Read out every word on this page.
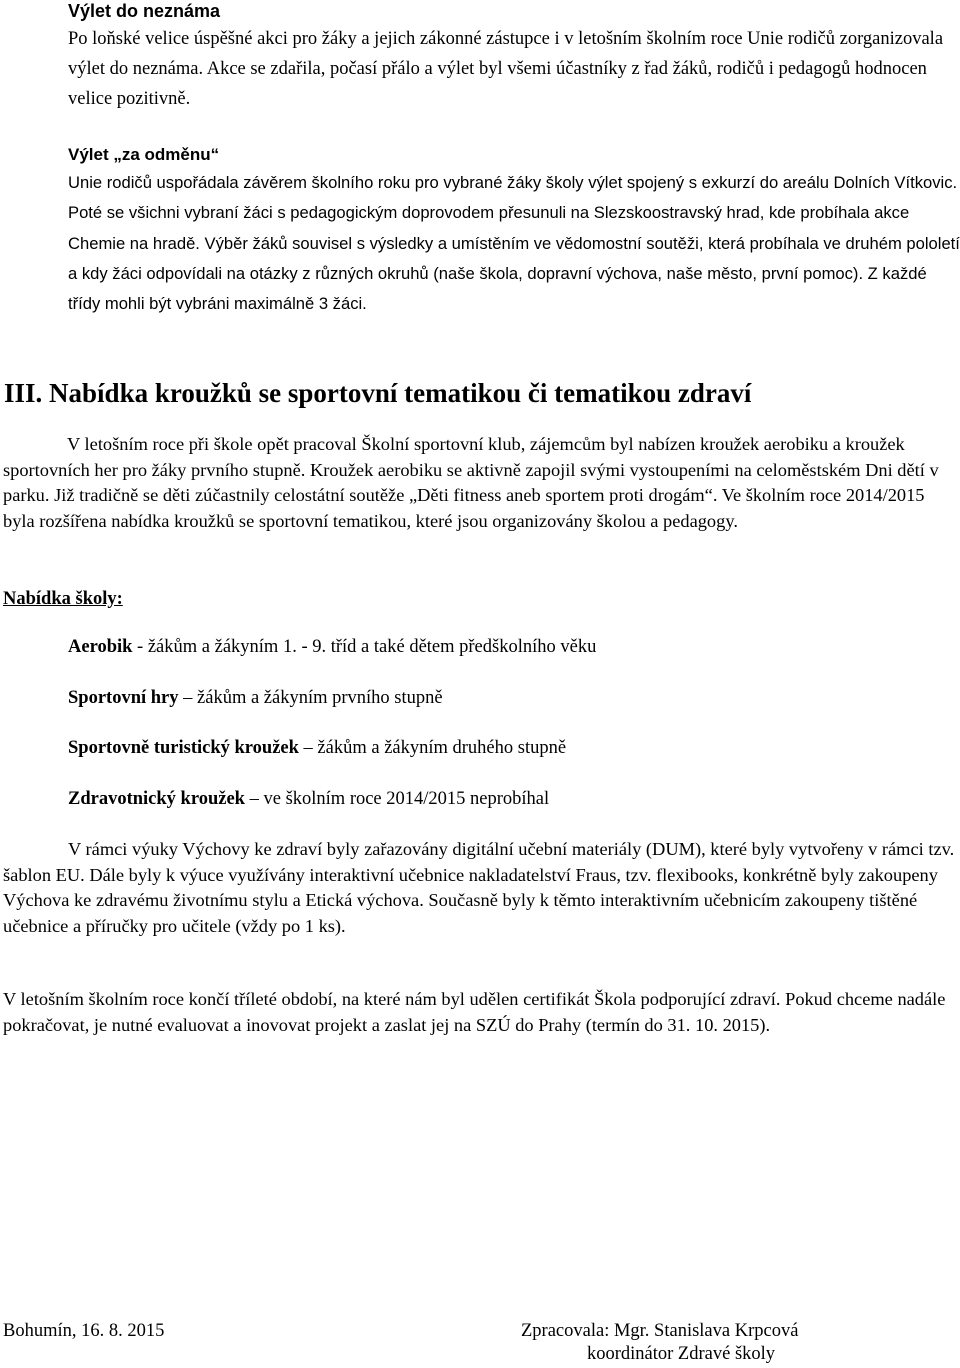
Výlet do neznáma

Po loňské velice úspěšné akci pro žáky a jejich zákonné zástupce i v letošním školním roce Unie rodičů zorganizovala výlet do neznáma. Akce se zdařila, počasí přálo a výlet byl všemi účastníky z řad žáků, rodičů i pedagogů hodnocen velice pozitivně.

Výlet „za odměnu“

Unie rodičů uspořádala závěrem školního roku pro vybrané žáky školy výlet spojený s exkurzí do areálu Dolních Vítkovic. Poté se všichni vybraní žáci s pedagogickým doprovodem přesunuli na Slezskoostravský hrad, kde probíhala akce Chemie na hradě. Výběr žáků souvisel s výsledky a umístěním ve vědomostní soutěži, která probíhala ve druhém pololetí a kdy žáci odpovídali na otázky z různých okruhů (naše škola, dopravní výchova, naše město, první pomoc). Z každé třídy mohli být vybráni maximálně 3 žáci.

III. Nabídka kroužků se sportovní tematikou či tematikou zdraví

V letošním roce při škole opět pracoval Školní sportovní klub, zájemcům byl nabízen kroužek aerobiku a kroužek sportovních her pro žáky prvního stupně. Kroužek aerobiku se aktivně zapojil svými vystoupeními na celoměstském Dni dětí v parku. Již tradičně se děti zúčastnily celostátní soutěže „Děti fitness aneb sportem proti drogám“. Ve školním roce 2014/2015 byla rozšířena nabídka kroužků se sportovní tematikou, které jsou organizovány školou a pedagogy.

Nabídka školy:
Aerobik - žákům a žákyním 1. - 9. tříd a také dětem předškolního věku
Sportovní hry – žákům a žákyním prvního stupně
Sportovně turistický kroužek – žákům a žákyním druhého stupně
Zdravotnický kroužek – ve školním roce 2014/2015 neprobíhal

V rámci výuky Výchovy ke zdraví byly zařazovány digitální učební materiály (DUM), které byly vytvořeny v rámci tzv. šablon EU. Dále byly k výuce využívány interaktivní učebnice nakladatelství Fraus, tzv. flexibooks, konkrétně byly zakoupeny Výchova ke zdravému životnímu stylu a Etická výchova. Současně byly k těmto interaktivním učebnicím zakoupeny tištěné učebnice a příručky pro učitele (vždy po 1 ks).

V letošním školním roce končí tříleté období, na které nám byl udělen certifikát Škola podporující zdraví. Pokud chceme nadále pokračovat, je nutné evaluovat a inovovat projekt a zaslat jej na SZÚ do Prahy (termín do 31. 10. 2015).

Bohumín, 16. 8. 2015	Zpracovala: Mgr. Stanislava Krpcová
koordinátor Zdravé školy
